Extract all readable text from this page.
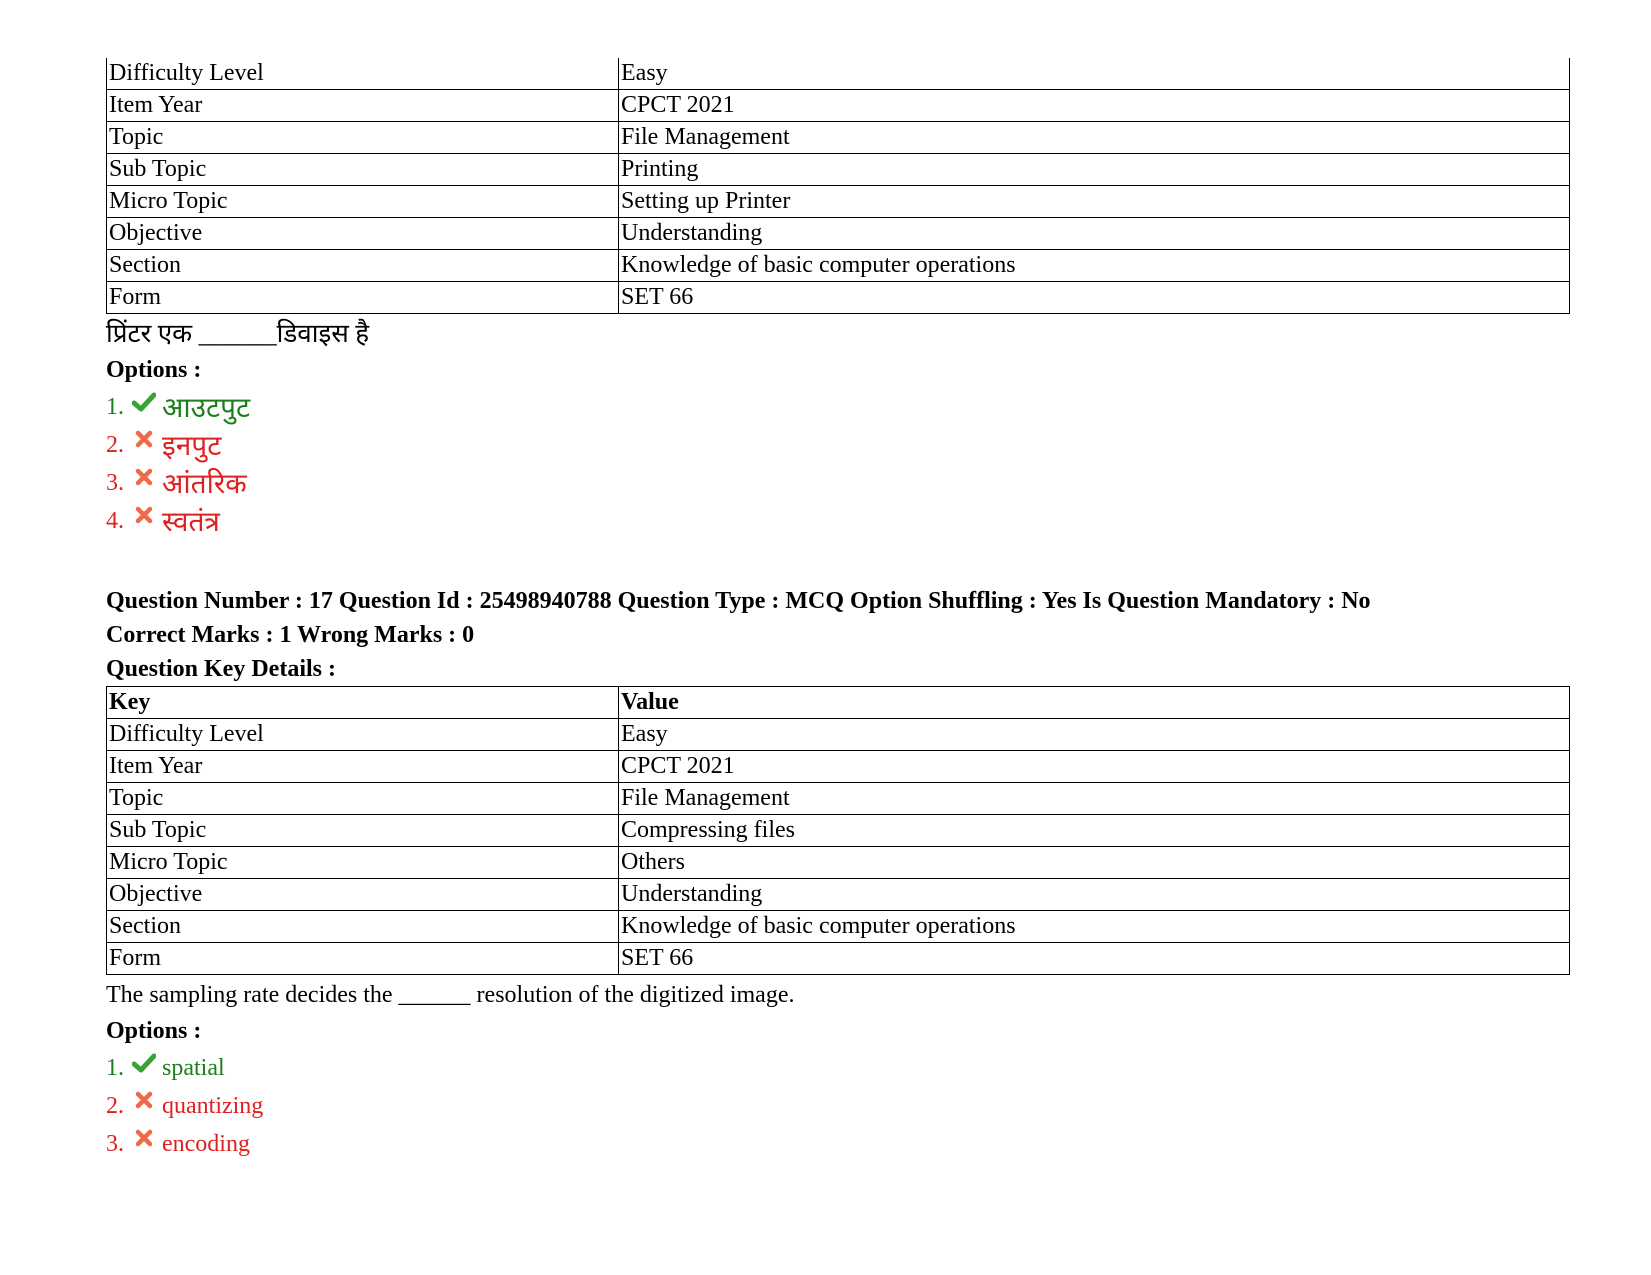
Difficulty Level	Easy
Item Year	CPCT 2021
Topic	File Management
Sub Topic	Printing
Micro Topic	Setting up Printer
Objective	Understanding
Section	Knowledge of basic computer operations
Form	SET 66
प्रिंटर एक ______डिवाइस है
Options :
1. आउटपुट
2. इनपुट
3. आंतरिक
4. स्वतंत्र
Question Number : 17 Question Id : 25498940788 Question Type : MCQ Option Shuffling : Yes Is Question Mandatory : No
Correct Marks : 1 Wrong Marks : 0
Question Key Details :
Key	Value
Difficulty Level	Easy
Item Year	CPCT 2021
Topic	File Management
Sub Topic	Compressing files
Micro Topic	Others
Objective	Understanding
Section	Knowledge of basic computer operations
Form	SET 66
The sampling rate decides the ______ resolution of the digitized image.
Options :
1. spatial
2. quantizing
3. encoding
